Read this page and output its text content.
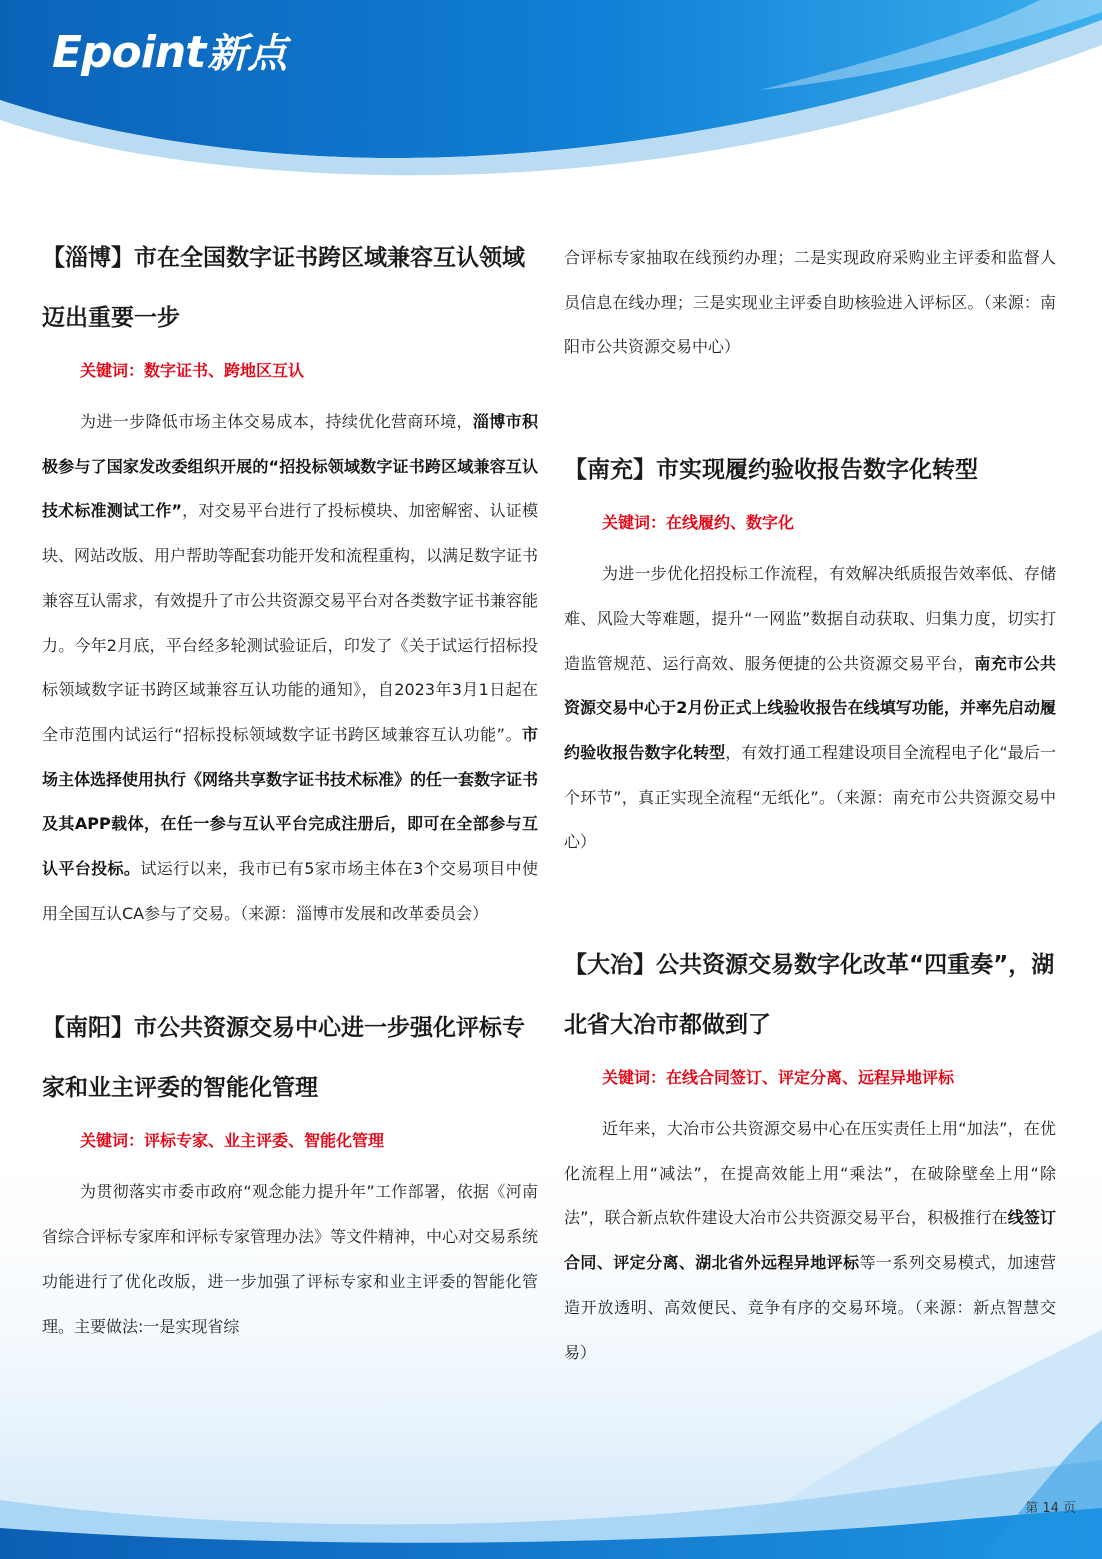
Epoint新点
【淄博】市在全国数字证书跨区域兼容互认领域迈出重要一步
关键词：数字证书、跨地区互认

为进一步降低市场主体交易成本，持续优化营商环境，淄博市积极参与了国家发改委组织开展的“招投标领域数字证书跨区域兼容互认技术标准测试工作”，对交易平台进行了投标模块、加密解密、认证模块、网站改版、用户帮助等配套功能开发和流程重构，以满足数字证书兼容互认需求，有效提升了市公共资源交易平台对各类数字证书兼容能力。今年2月底，平台经多轮测试验证后，印发了《关于试运行招标投标领域数字证书跨区域兼容互认功能的通知》，自2023年3月1日起在全市范围内试运行“招标投标领域数字证书跨区域兼容互认功能”。市场主体选择使用执行《网络共享数字证书技术标准》的任一套数字证书及其APP载体，在任一参与互认平台完成注册后，即可在全部参与互认平台投标。试运行以来，我市已有5家市场主体在3个交易项目中使用全国互认CA参与了交易。（来源：淄博市发展和改革委员会）

【南阳】市公共资源交易中心进一步强化评标专家和业主评委的智能化管理
关键词：评标专家、业主评委、智能化管理

为贯彻落实市委市政府“观念能力提升年”工作部署，依据《河南省综合评标专家库和评标专家管理办法》等文件精神，中心对交易系统功能进行了优化改版，进一步加强了评标专家和业主评委的智能化管理。主要做法:一是实现省综

合评标专家抽取在线预约办理；二是实现政府采购业主评委和监督人员信息在线办理；三是实现业主评委自助核验进入评标区。（来源：南阳市公共资源交易中心）

【南充】市实现履约验收报告数字化转型
关键词：在线履约、数字化

为进一步优化招投标工作流程，有效解决纸质报告效率低、存储难、风险大等难题，提升“一网监”数据自动获取、归集力度，切实打造监管规范、运行高效、服务便捷的公共资源交易平台，南充市公共资源交易中心于2月份正式上线验收报告在线填写功能，并率先启动履约验收报告数字化转型，有效打通工程建设项目全流程电子化“最后一个环节”，真正实现全流程“无纸化”。（来源：南充市公共资源交易中心）

【大冶】公共资源交易数字化改革“四重奏”，湖北省大冶市都做到了
关键词：在线合同签订、评定分离、远程异地评标

近年来，大冶市公共资源交易中心在压实责任上用“加法”，在优化流程上用“减法”，在提高效能上用“乘法”，在破除壁垒上用“除法”，联合新点软件建设大冶市公共资源交易平台，积极推行在线签订合同、评定分离、湖北省外远程异地评标等一系列交易模式，加速营造开放透明、高效便民、竞争有序的交易环境。（来源：新点智慧交易）

第 14 页
